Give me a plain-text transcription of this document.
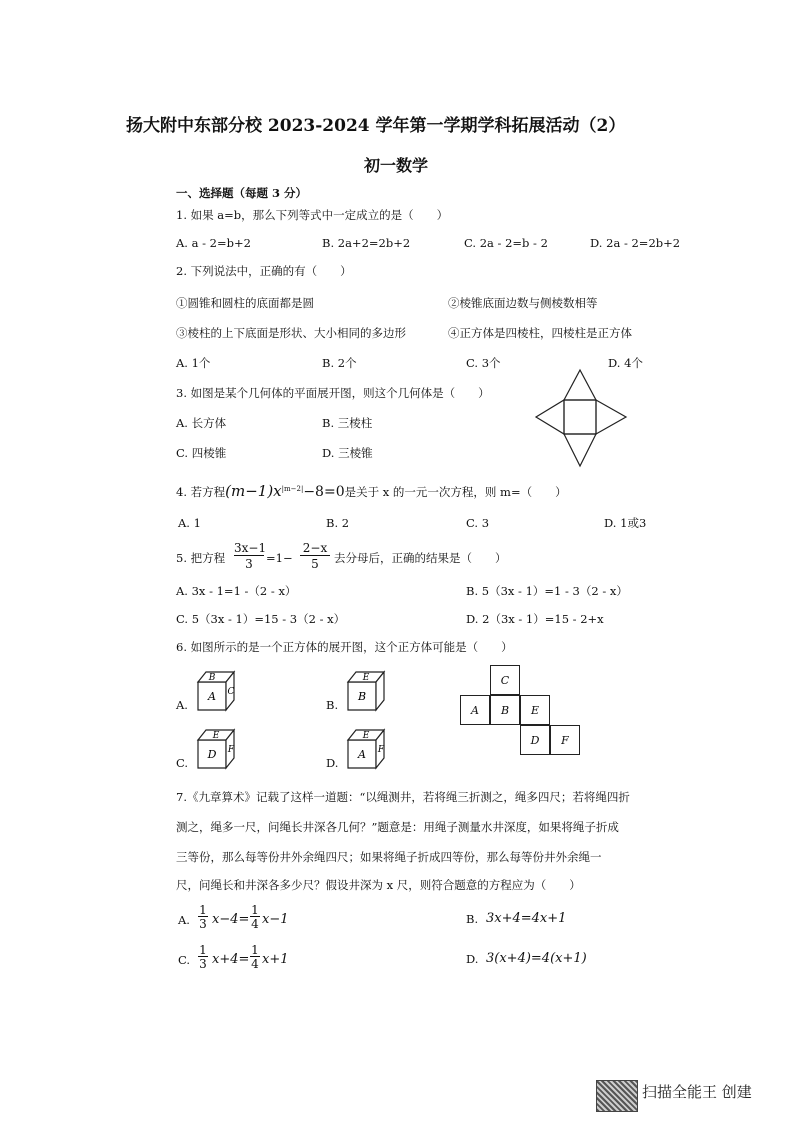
扬大附中东部分校 2023-2024 学年第一学期学科拓展活动（2）
初一数学
一、选择题（每题 3 分）
1. 如果 a=b，那么下列等式中一定成立的是（　　）
A. a - 2=b+2	B. 2a+2=2b+2	C. 2a - 2=b - 2	D. 2a - 2=2b+2
2. 下列说法中，正确的有（　　）
①圆锥和圆柱的底面都是圆	②棱锥底面边数与侧棱数相等
③棱柱的上下底面是形状、大小相同的多边形	④正方体是四棱柱，四棱柱是正方体
A. 1个	B. 2个	C. 3个	D. 4个
3. 如图是某个几何体的平面展开图，则这个几何体是（　　）
A. 长方体	B. 三棱柱
C. 四棱锥	D. 三棱锥
4. 若方程$(m-1)x^{|m-2|}-8=0$是关于 x 的一元一次方程，则 m=（　　）
A. 1	B. 2	C. 3	D. 1或3
5. 把方程 $\frac{3x-1}{3} =1- \frac{2-x}{5}$ 去分母后，正确的结果是（　　）
A. 3x - 1=1 -（2 - x）	B. 5（3x - 1）=1 - 3（2 - x）
C. 5（3x - 1）=15 - 3（2 - x）	D. 2（3x - 1）=15 - 2+x
6. 如图所示的是一个正方体的展开图，这个正方体可能是（　　）
A.
B
A C
B.
E
B
C.
E
D F
D.
E
A F
C
A	B	E
D	F
7.《九章算术》记载了这样一道题：“以绳测井，若将绳三折测之，绳多四尺；若将绳四折
测之，绳多一尺，问绳长井深各几何？”题意是：用绳子测量水井深度，如果将绳子折成
三等份，那么每等份井外余绳四尺；如果将绳子折成四等份，那么每等份井外余绳一
尺，问绳长和井深各多少尺？假设井深为 x 尺，则符合题意的方程应为（　　）
A. $\frac{1}{3} x-4= \frac{1}{4} x-1$	B. 3x+4=4x+1
C. $\frac{1}{3} x+4= \frac{1}{4} x+1$	D. 3(x+4)=4(x+1)
扫描全能王 创建
